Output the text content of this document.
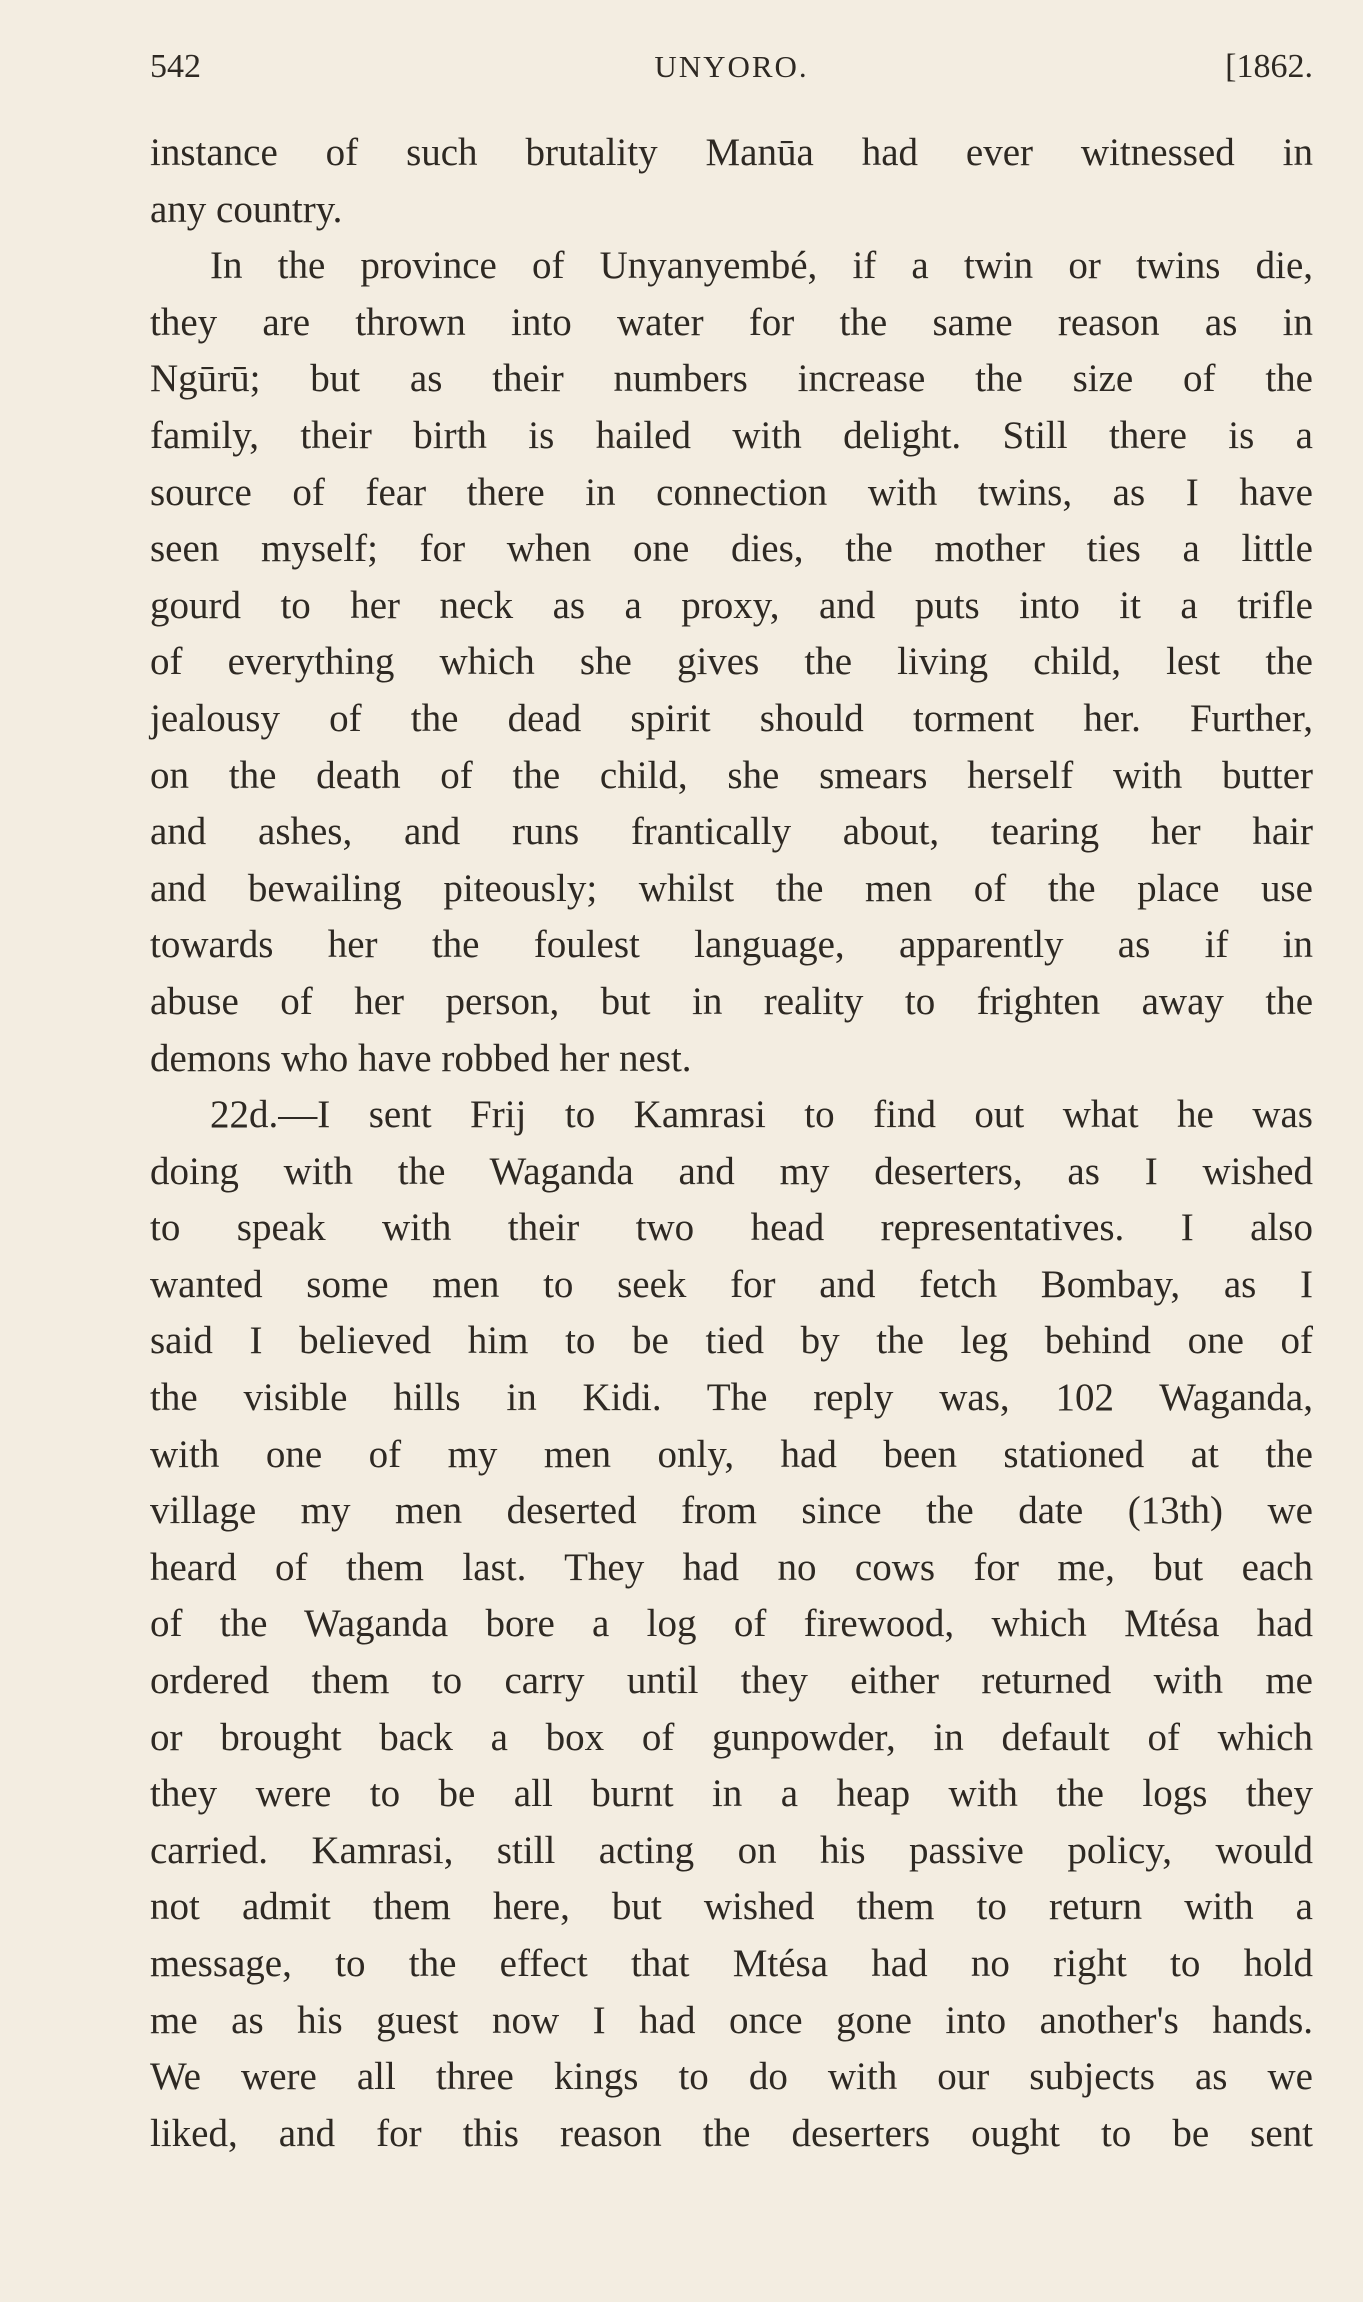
542	UNYORO.	[1862.
instance of such brutality Manūa had ever witnessed in
any country.
In the province of Unyanyembé, if a twin or twins die,
they are thrown into water for the same reason as in
Ngūrū; but as their numbers increase the size of the
family, their birth is hailed with delight. Still there is a
source of fear there in connection with twins, as I have
seen myself; for when one dies, the mother ties a little
gourd to her neck as a proxy, and puts into it a trifle
of everything which she gives the living child, lest the
jealousy of the dead spirit should torment her. Further,
on the death of the child, she smears herself with butter
and ashes, and runs frantically about, tearing her hair
and bewailing piteously; whilst the men of the place use
towards her the foulest language, apparently as if in
abuse of her person, but in reality to frighten away the
demons who have robbed her nest.
22d.—I sent Frij to Kamrasi to find out what he was
doing with the Waganda and my deserters, as I wished
to speak with their two head representatives. I also
wanted some men to seek for and fetch Bombay, as I
said I believed him to be tied by the leg behind one of
the visible hills in Kidi. The reply was, 102 Waganda,
with one of my men only, had been stationed at the
village my men deserted from since the date (13th) we
heard of them last. They had no cows for me, but each
of the Waganda bore a log of firewood, which Mtésa had
ordered them to carry until they either returned with me
or brought back a box of gunpowder, in default of which
they were to be all burnt in a heap with the logs they
carried. Kamrasi, still acting on his passive policy, would
not admit them here, but wished them to return with a
message, to the effect that Mtésa had no right to hold
me as his guest now I had once gone into another's hands.
We were all three kings to do with our subjects as we
liked, and for this reason the deserters ought to be sent
